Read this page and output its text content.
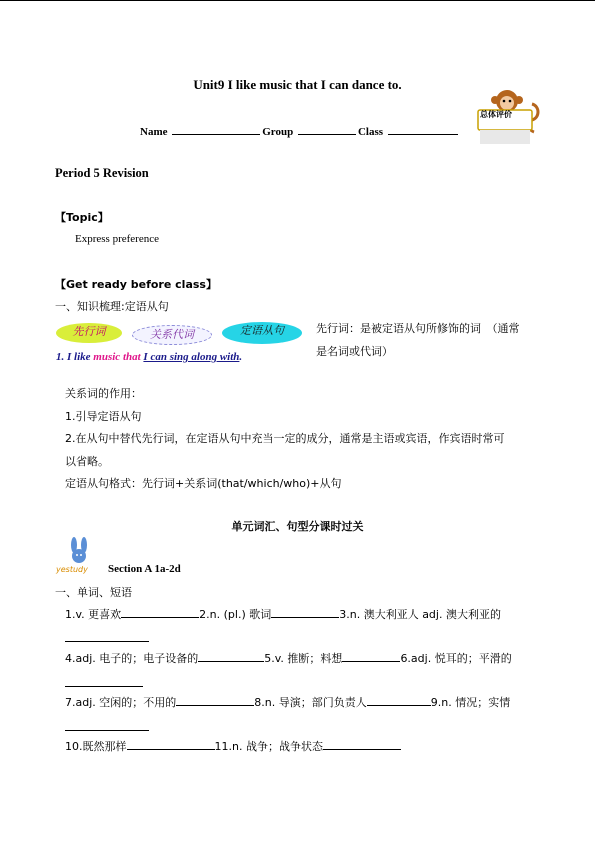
Unit9 I like music that I can dance to.
Name	Group	Class
总体评价
Period 5 Revision
【Topic】
Express preference
【Get ready before class】
一、知识梳理:定语从句
先行词	关系代词	定语从句
1. I like music that I can sing along with.
先行词：是被定语从句所修饰的词　（通常
是名词或代词）
关系词的作用：
1.引导定语从句
2.在从句中替代先行词，在定语从句中充当一定的成分，通常是主语或宾语，作宾语时常可
以省略。
定语从句格式：先行词+关系词(that/which/who)+从句
单元词汇、句型分课时过关
yestudy Section A 1a-2d
一、单词、短语
1.v. 更喜欢	2.n. (pl.) 歌词	3.n. 澳大利亚人 adj. 澳大利亚的
4.adj. 电子的；电子设备的	5.v. 推断；料想	6.adj. 悦耳的；平滑的
7.adj. 空闲的；不用的	8.n. 导演；部门负责人	9.n. 情况；实情
10.既然那样	11.n. 战争；战争状态
